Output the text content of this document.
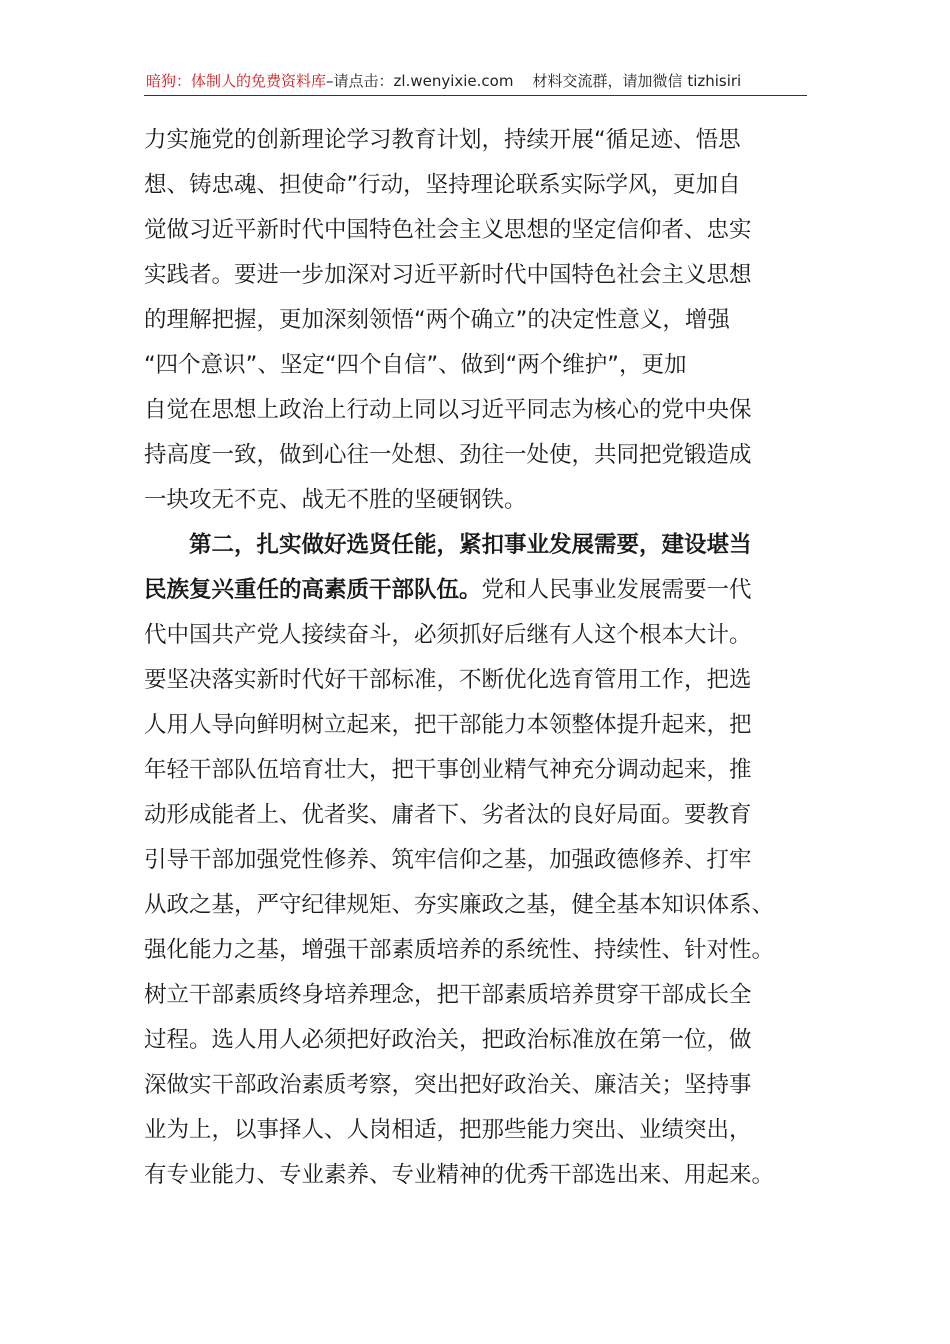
暗狗：体制人的免费资料库–请点击：zl.wenyixie.com 材料交流群，请加微信 tizhisiri
力实施党的创新理论学习教育计划，持续开展“循足迹、悟思
想、铸忠魂、担使命”行动，坚持理论联系实际学风，更加自
觉做习近平新时代中国特色社会主义思想的坚定信仰者、忠实
实践者。要进一步加深对习近平新时代中国特色社会主义思想
的理解把握，更加深刻领悟“两个确立”的决定性意义，增强
“四个意识”、坚定“四个自信”、做到“两个维护”，更加
自觉在思想上政治上行动上同以习近平同志为核心的党中央保
持高度一致，做到心往一处想、劲往一处使，共同把党锻造成
一块攻无不克、战无不胜的坚硬钢铁。
第二，扎实做好选贤任能，紧扣事业发展需要，建设堪当
民族复兴重任的高素质干部队伍。党和人民事业发展需要一代
代中国共产党人接续奋斗，必须抓好后继有人这个根本大计。
要坚决落实新时代好干部标准，不断优化选育管用工作，把选
人用人导向鲜明树立起来，把干部能力本领整体提升起来，把
年轻干部队伍培育壮大，把干事创业精气神充分调动起来，推
动形成能者上、优者奖、庸者下、劣者汰的良好局面。要教育
引导干部加强党性修养、筑牢信仰之基，加强政德修养、打牢
从政之基，严守纪律规矩、夯实廉政之基，健全基本知识体系、
强化能力之基，增强干部素质培养的系统性、持续性、针对性。
树立干部素质终身培养理念，把干部素质培养贯穿干部成长全
过程。选人用人必须把好政治关，把政治标准放在第一位，做
深做实干部政治素质考察，突出把好政治关、廉洁关；坚持事
业为上，以事择人、人岗相适，把那些能力突出、业绩突出，
有专业能力、专业素养、专业精神的优秀干部选出来、用起来。
